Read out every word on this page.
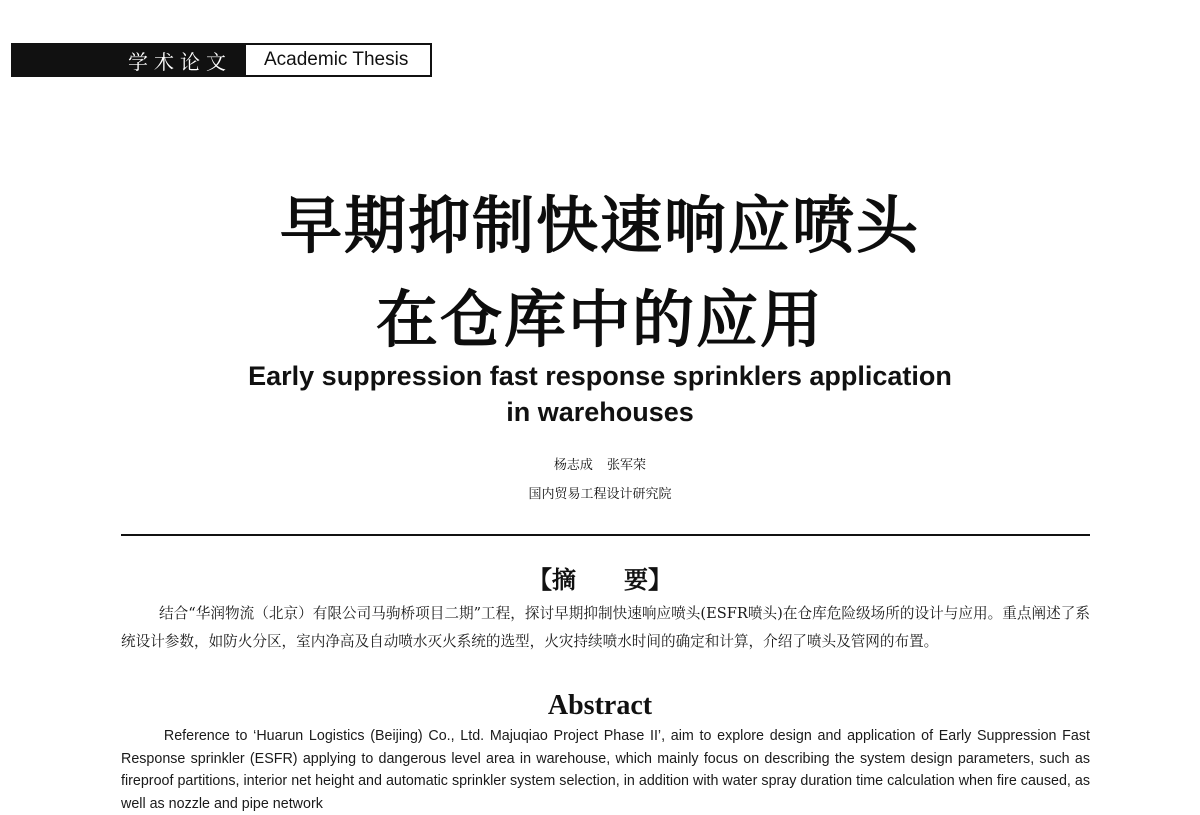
学术论文	Academic Thesis
早期抑制快速响应喷头
在仓库中的应用
Early suppression fast response sprinklers application
in warehouses
杨志成 张军荣
国内贸易工程设计研究院
【摘　　要】

结合“华润物流（北京）有限公司马驹桥项目二期”工程，探讨早期抑制快速响应喷头(ESFR喷头)在仓库危险级场所的设计与应用。重点阐述了系统设计参数，如防火分区，室内净高及自动喷水灭火系统的选型，火灾持续喷水时间的确定和计算，介绍了喷头及管网的布置。

Abstract

Reference to ‘Huarun Logistics (Beijing) Co., Ltd. Majuqiao Project Phase II’, aim to explore design and application of Early Suppression Fast Response sprinkler (ESFR) applying to dangerous level area in warehouse, which mainly focus on describing the system design parameters, such as fireproof partitions, interior net height and automatic sprinkler system selection, in addition with water spray duration time calculation when fire caused, as well as nozzle and pipe network
